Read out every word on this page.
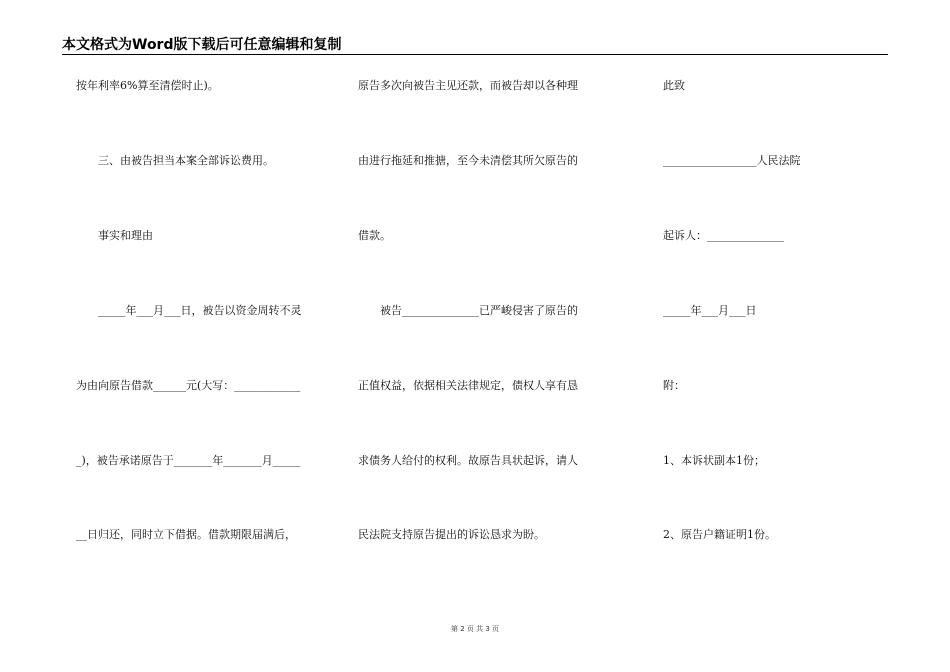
本文格式为Word版下载后可任意编辑和复制
按年利率6%算至清偿时止)。
　　三、由被告担当本案全部诉讼费用。
　　事实和理由
　　_____年___月___日，被告以资金周转不灵
为由向原告借款______元(大写：____________
_)，被告承诺原告于_______年_______月_____
__日归还，同时立下借据。借款期限届满后，
原告多次向被告主见还款，而被告却以各种理
由进行拖延和推搪，至今未清偿其所欠原告的
借款。
　　被告______________已严峻侵害了原告的
正值权益，依据相关法律规定，债权人享有恳
求债务人给付的权利。故原告具状起诉，请人
民法院支持原告提出的诉讼恳求为盼。
此致
_________________人民法院
起诉人：______________
_____年___月___日
附：
1、本诉状副本1份；
2、原告户籍证明1份。
第 2 页 共 3 页
